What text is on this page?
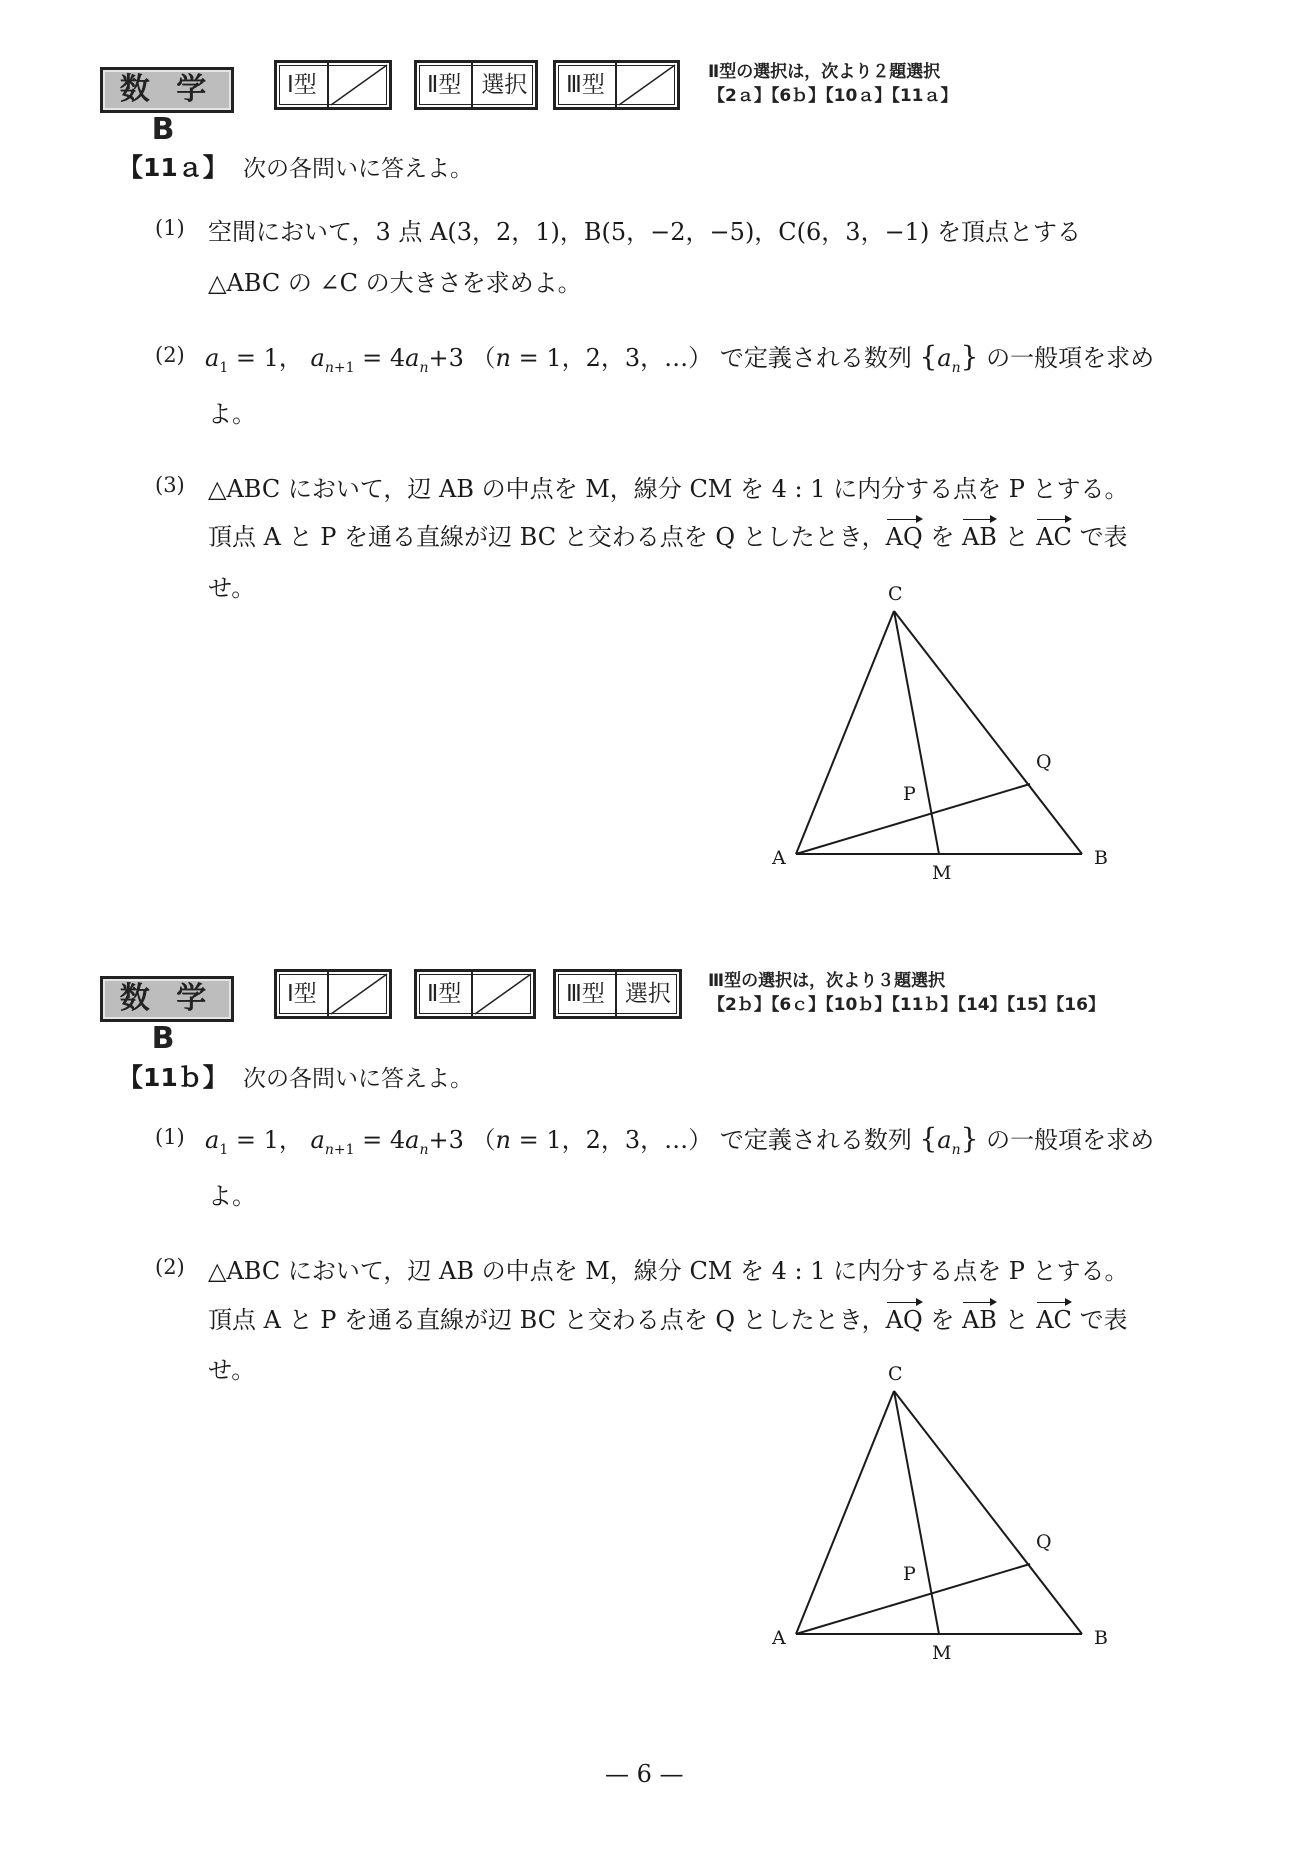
数 学 B
Ⅰ型	Ⅱ型 選択	Ⅲ型	Ⅱ型の選択は，次より２題選択
【2ａ】【6ｂ】【10ａ】【11ａ】
【11ａ】 次の各問いに答えよ。
(1) 空間において，3 点 A(3，2，1)，B(5，−2，−5)，C(6，3，−1) を頂点とする
△ABC の ∠C の大きさを求めよ。
(2) $a_1 = 1$， $a_{n+1} = 4a_n+3$ （n = 1，2，3，…） で定義される数列 $\{a_n\}$ の一般項を求め
よ。
(3) △ABC において，辺 AB の中点を M，線分 CM を 4 : 1 に内分する点を P とする。
頂点 A と P を通る直線が辺 BC と交わる点を Q としたとき，AQ を AB と AC で表
せ。	C
A	B
M
P
Q
数 学 B
Ⅰ型	Ⅱ型	Ⅲ型 選択	Ⅲ型の選択は，次より３題選択
【2ｂ】【6ｃ】【10ｂ】【11ｂ】【14】【15】【16】
【11ｂ】 次の各問いに答えよ。
(1) $a_1 = 1$， $a_{n+1} = 4a_n+3$ （n = 1，2，3，…） で定義される数列 $\{a_n\}$ の一般項を求め
よ。
(2) △ABC において，辺 AB の中点を M，線分 CM を 4 : 1 に内分する点を P とする。
頂点 A と P を通る直線が辺 BC と交わる点を Q としたとき，AQ を AB と AC で表
せ。	C
A	B
M
P
Q
— 6 —
